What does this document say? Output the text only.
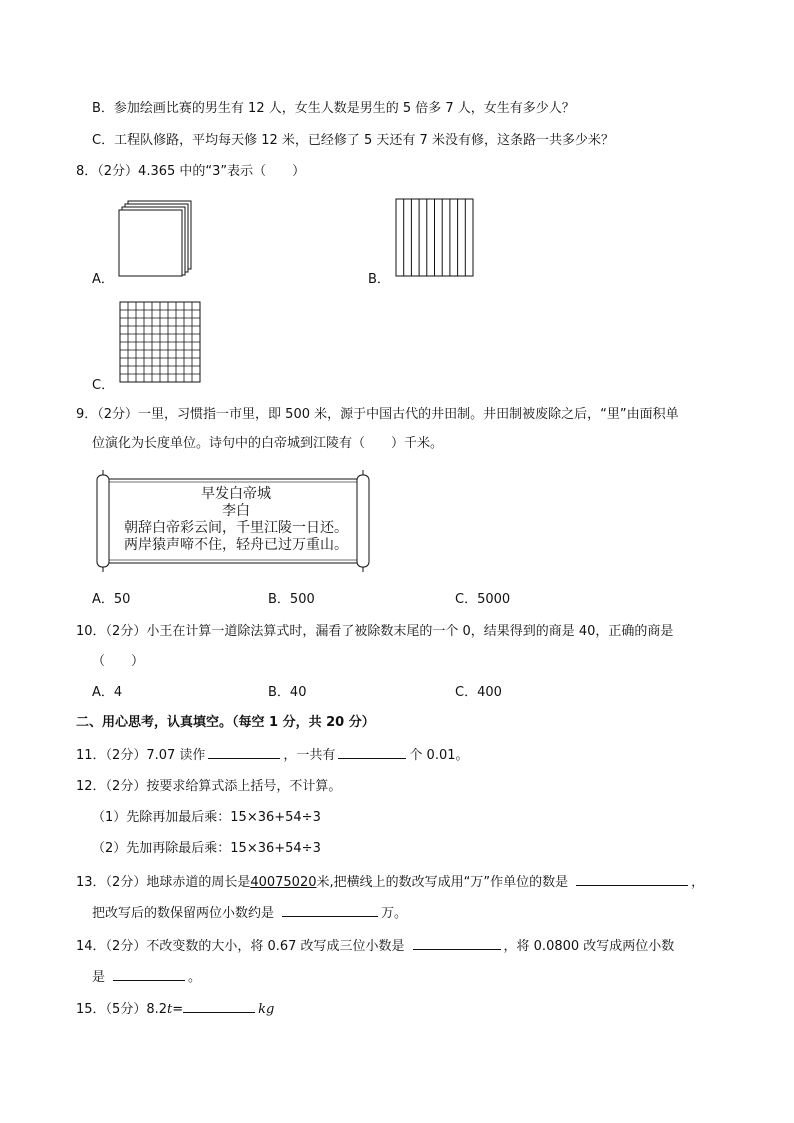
B．参加绘画比赛的男生有 12 人，女生人数是男生的 5 倍多 7 人，女生有多少人？
C．工程队修路，平均每天修 12 米，已经修了 5 天还有 7 米没有修，这条路一共多少米？
8．（2分）4.365 中的“3”表示（　　）
A．	B．
C．
9．（2分）一里，习惯指一市里，即 500 米，源于中国古代的井田制。井田制被废除之后，“里”由面积单
位演化为长度单位。诗句中的白帝城到江陵有（　　）千米。
早发白帝城
李白
朝辞白帝彩云间，千里江陵一日还。
两岸猿声啼不住，轻舟已过万重山。
A．50	B．500	C．5000
10．（2分）小王在计算一道除法算式时，漏看了被除数末尾的一个 0，结果得到的商是 40，正确的商是
（　　）
A．4	B．40	C．400
二、用心思考，认真填空。（每空 1 分，共 20 分）
11．（2分）7.07 读作	，一共有	个 0.01。
12．（2分）按要求给算式添上括号，不计算。
（1）先除再加最后乘：15×36+54÷3
（2）先加再除最后乘：15×36+54÷3
13．（2分）地球赤道的周长是40075020米,把横线上的数改写成用“万”作单位的数是	，
把改写后的数保留两位小数约是	万。
14．（2分）不改变数的大小，将 0.67 改写成三位小数是	，将 0.0800 改写成两位小数
是	。
15．（5分）8.2t=	kg
